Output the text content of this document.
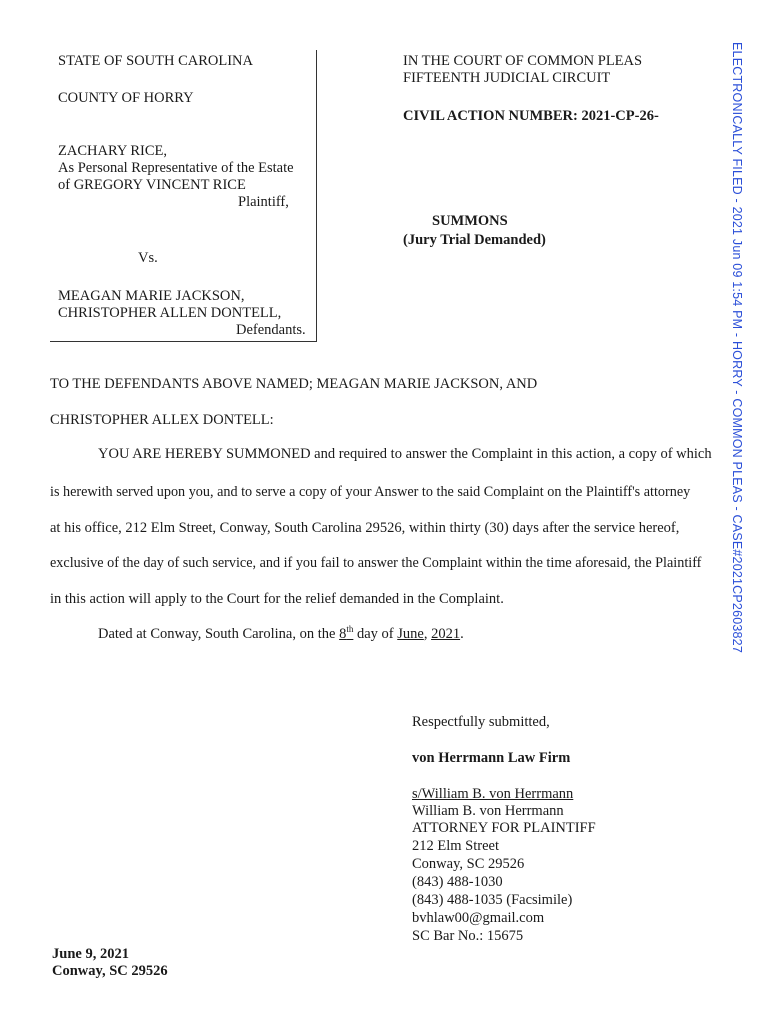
STATE OF SOUTH CAROLINA
COUNTY OF HORRY
ZACHARY RICE,
As Personal Representative of the Estate
of GREGORY VINCENT RICE
Plaintiff,
Vs.
MEAGAN MARIE JACKSON,
CHRISTOPHER ALLEN DONTELL,
Defendants.
IN THE COURT OF COMMON PLEAS
FIFTEENTH JUDICIAL CIRCUIT
CIVIL ACTION NUMBER: 2021-CP-26-
SUMMONS
(Jury Trial Demanded)
TO THE DEFENDANTS ABOVE NAMED; MEAGAN MARIE JACKSON, AND
CHRISTOPHER ALLEX DONTELL:
YOU ARE HEREBY SUMMONED and required to answer the Complaint in this action, a copy of which
is herewith served upon you, and to serve a copy of your Answer to the said Complaint on the Plaintiff's attorney
at his office, 212 Elm Street, Conway, South Carolina 29526, within thirty (30) days after the service hereof,
exclusive of the day of such service, and if you fail to answer the Complaint within the time aforesaid, the Plaintiff
in this action will apply to the Court for the relief demanded in the Complaint.
Dated at Conway, South Carolina, on the 8th day of June, 2021.
Respectfully submitted,
von Herrmann Law Firm
s/William B. von Herrmann
William B. von Herrmann
ATTORNEY FOR PLAINTIFF
212 Elm Street
Conway, SC 29526
(843) 488-1030
(843) 488-1035 (Facsimile)
bvhlaw00@gmail.com
SC Bar No.: 15675
June 9, 2021
Conway, SC 29526
ELECTRONICALLY FILED - 2021 Jun 09 1:54 PM - HORRY - COMMON PLEAS - CASE#2021CP2603827
